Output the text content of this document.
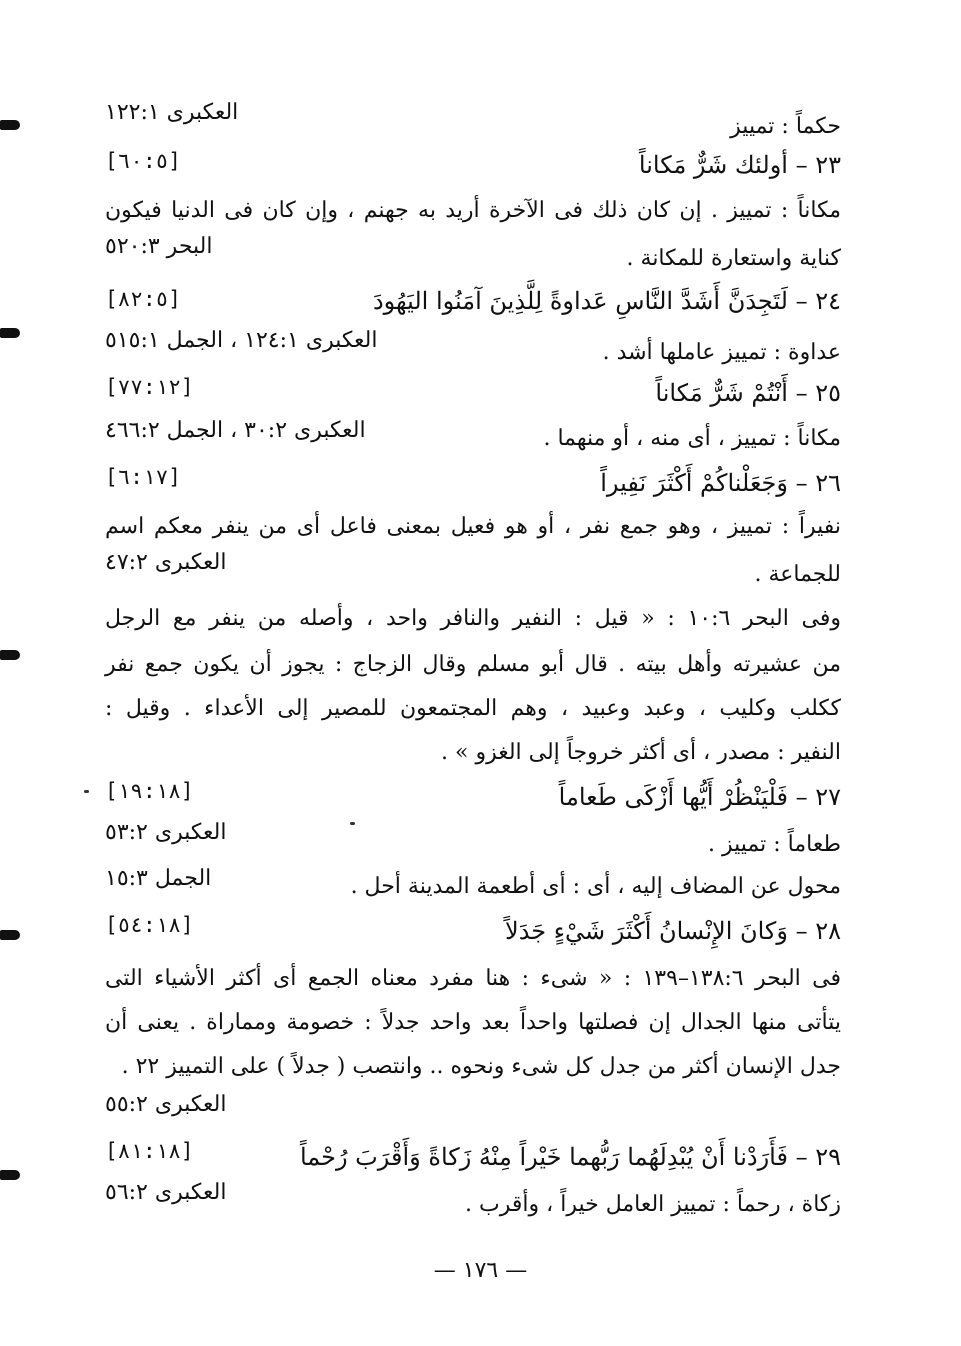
حكماً : تمييز
العكبرى ١٢٢:١
٢٣ – أولئك شَرٌّ مَكاناً
[٦٠:٥]
مكاناً : تمييز . إن كان ذلك فى الآخرة أريد به جهنم ، وإن كان فى الدنيا فيكون
كناية واستعارة للمكانة .
البحر ٥٢٠:٣
٢٤ – لَتَجِدَنَّ أَشَدَّ النَّاسِ عَداوةً لِلَّذِينَ آمَنُوا اليَهُودَ
[٨٢:٥]
عداوة : تمييز عاملها أشد .
العكبرى ١٢٤:١ ، الجمل ٥١٥:١
٢٥ – أَنْتُمْ شَرٌّ مَكاناً
[٧٧:١٢]
مكاناً : تمييز ، أى منه ، أو منهما .
العكبرى ٣٠:٢ ، الجمل ٤٦٦:٢
٢٦ – وَجَعَلْناكُمْ أَكْثَرَ نَفِيراً
[٦:١٧]
نفيراً : تمييز ، وهو جمع نفر ، أو هو فعيل بمعنى فاعل أى من ينفر معكم اسم
للجماعة .
العكبرى ٤٧:٢
وفى البحر ١٠:٦ : « قيل : النفير والنافر واحد ، وأصله من ينفر مع الرجل
من عشيرته وأهل بيته . قال أبو مسلم وقال الزجاج : يجوز أن يكون جمع نفر
ككلب وكليب ، وعبد وعبيد ، وهم المجتمعون للمصير إلى الأعداء . وقيل :
النفير : مصدر ، أى أكثر خروجاً إلى الغزو » .
٢٧ – فَلْيَنْظُرْ أَيُّها أَزْكَى طَعاماً
[١٩:١٨]
طعاماً : تمييز .
العكبرى ٥٣:٢
محول عن المضاف إليه ، أى : أى أطعمة المدينة أحل .
الجمل ١٥:٣
٢٨ – وَكانَ الإِنْسانُ أَكْثَرَ شَيْءٍ جَدَلاً
[٥٤:١٨]
فى البحر ١٣٨:٦–١٣٩ : « شىء : هنا مفرد معناه الجمع أى أكثر الأشياء التى
يتأتى منها الجدال إن فصلتها واحداً بعد واحد جدلاً : خصومة ومماراة . يعنى أن
جدل الإنسان أكثر من جدل كل شىء ونحوه .. وانتصب ( جدلاً ) على التمييز ٢٢ .
العكبرى ٥٥:٢
٢٩ – فَأَرَدْنا أَنْ يُبْدِلَهُما رَبُّهما خَيْراً مِنْهُ زَكاةً وَأَقْرَبَ رُحْماً
[٨١:١٨]
زكاة ، رحماً : تمييز العامل خيراً ، وأقرب .
العكبرى ٥٦:٢
— ١٧٦ —
